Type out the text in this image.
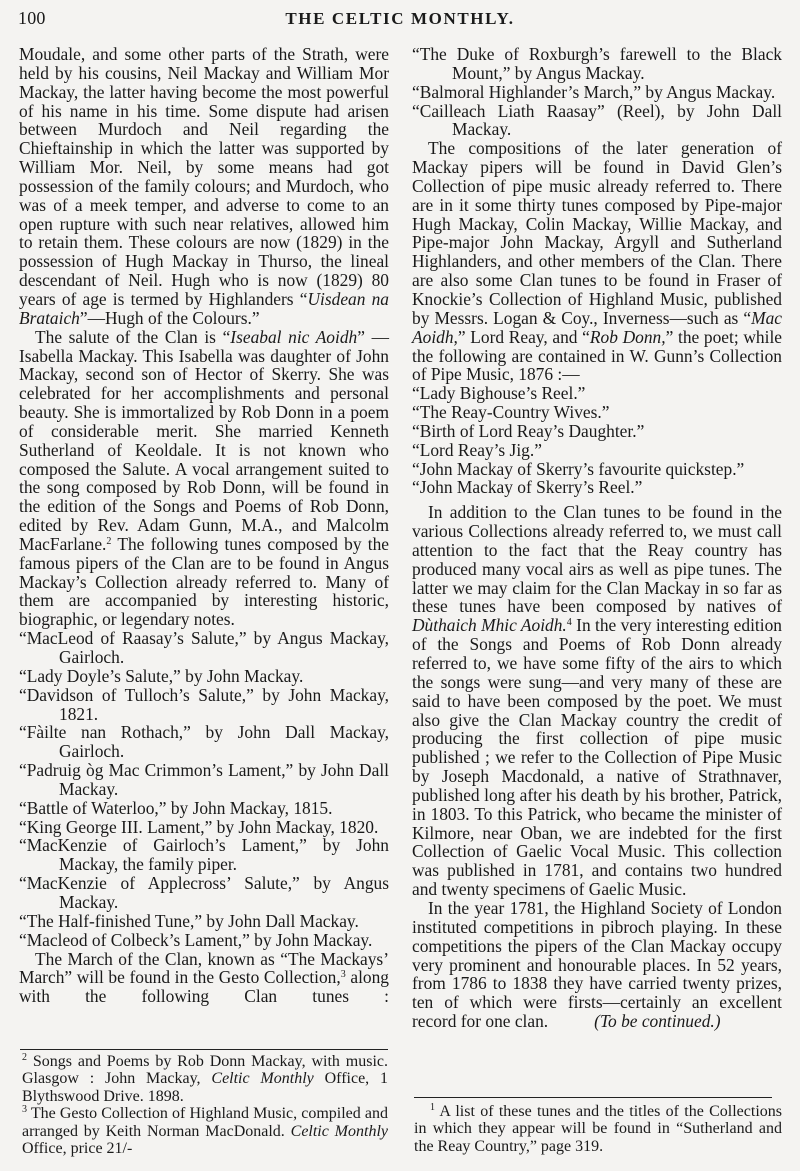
100	THE CELTIC MONTHLY.

Moudale, and some other parts of the Strath, were held by his cousins, Neil Mackay and William Mor Mackay, the latter having become the most powerful of his name in his time. Some dispute had arisen between Murdoch and Neil regarding the Chieftainship in which the latter was supported by William Mor. Neil, by some means had got possession of the family colours; and Murdoch, who was of a meek temper, and adverse to come to an open rupture with such near relatives, allowed him to retain them. These colours are now (1829) in the possession of Hugh Mackay in Thurso, the lineal descendant of Neil. Hugh who is now (1829) 80 years of age is termed by Highlanders “Uisdean na Brataich”—Hugh of the Colours.”

The salute of the Clan is “Iseabal nic Aoidh” —Isabella Mackay. This Isabella was daughter of John Mackay, second son of Hector of Skerry. She was celebrated for her accomplishments and personal beauty. She is immortalized by Rob Donn in a poem of considerable merit. She married Kenneth Sutherland of Keoldale. It is not known who composed the Salute. A vocal arrangement suited to the song composed by Rob Donn, will be found in the edition of the Songs and Poems of Rob Donn, edited by Rev. Adam Gunn, M.A., and Malcolm MacFarlane.$^2$ The following tunes composed by the famous pipers of the Clan are to be found in Angus Mackay’s Collection already referred to. Many of them are accompanied by interesting historic, biographic, or legendary notes.

“MacLeod of Raasay’s Salute,” by Angus Mackay, Gairloch.

“Lady Doyle’s Salute,” by John Mackay.

“Davidson of Tulloch’s Salute,” by John Mackay, 1821.

“Fàilte nan Rothach,” by John Dall Mackay, Gairloch.

“Padruig òg Mac Crimmon’s Lament,” by John Dall Mackay.

“Battle of Waterloo,” by John Mackay, 1815.

“King George III. Lament,” by John Mackay, 1820.

“MacKenzie of Gairloch’s Lament,” by John Mackay, the family piper.

“MacKenzie of Applecross’ Salute,” by Angus Mackay.

“The Half-finished Tune,” by John Dall Mackay.

“Macleod of Colbeck’s Lament,” by John Mackay.

The March of the Clan, known as “The Mackays’ March” will be found in the Gesto Collection,$^3$ along with the following Clan tunes :

$^2$ Songs and Poems by Rob Donn Mackay, with music. Glasgow : John Mackay, Celtic Monthly Office, 1 Blythswood Drive. 1898.

$^3$ The Gesto Collection of Highland Music, compiled and arranged by Keith Norman MacDonald. Celtic Monthly Office, price 21/-

“The Duke of Roxburgh’s farewell to the Black Mount,” by Angus Mackay.

“Balmoral Highlander’s March,” by Angus Mackay.

“Cailleach Liath Raasay” (Reel), by John Dall Mackay.

The compositions of the later generation of Mackay pipers will be found in David Glen’s Collection of pipe music already referred to. There are in it some thirty tunes composed by Pipe-major Hugh Mackay, Colin Mackay, Willie Mackay, and Pipe-major John Mackay, Argyll and Sutherland Highlanders, and other members of the Clan. There are also some Clan tunes to be found in Fraser of Knockie’s Collection of Highland Music, published by Messrs. Logan & Coy., Inverness—such as “Mac Aoidh,” Lord Reay, and “Rob Donn,” the poet; while the following are contained in W. Gunn’s Collection of Pipe Music, 1876 :—

“Lady Bighouse’s Reel.”

“The Reay-Country Wives.”

“Birth of Lord Reay’s Daughter.”

“Lord Reay’s Jig.”

“John Mackay of Skerry’s favourite quickstep.”

“John Mackay of Skerry’s Reel.”

In addition to the Clan tunes to be found in the various Collections already referred to, we must call attention to the fact that the Reay country has produced many vocal airs as well as pipe tunes. The latter we may claim for the Clan Mackay in so far as these tunes have been composed by natives of Dùthaich Mhic Aoidh.$^4$ In the very interesting edition of the Songs and Poems of Rob Donn already referred to, we have some fifty of the airs to which the songs were sung—and very many of these are said to have been composed by the poet. We must also give the Clan Mackay country the credit of producing the first collection of pipe music published ; we refer to the Collection of Pipe Music by Joseph Macdonald, a native of Strathnaver, published long after his death by his brother, Patrick, in 1803. To this Patrick, who became the minister of Kilmore, near Oban, we are indebted for the first Collection of Gaelic Vocal Music. This collection was published in 1781, and contains two hundred and twenty specimens of Gaelic Music.

In the year 1781, the Highland Society of London instituted competitions in pibroch playing. In these competitions the pipers of the Clan Mackay occupy very prominent and honourable places. In 52 years, from 1786 to 1838 they have carried twenty prizes, ten of which were firsts—certainly an excellent record for one clan.	(To be continued.)

$^1$ A list of these tunes and the titles of the Collections in which they appear will be found in “Sutherland and the Reay Country,” page 319.
